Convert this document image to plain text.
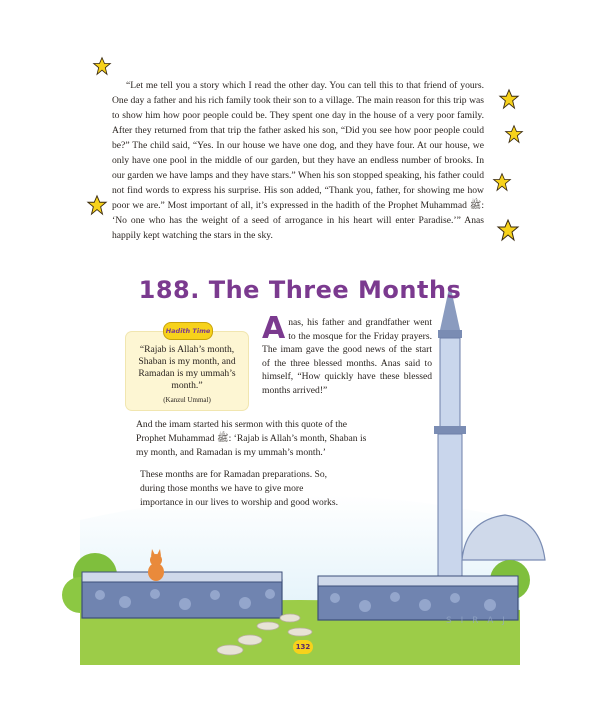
“Let me tell you a story which I read the other day. You can tell this to that friend of yours. One day a father and his rich family took their son to a village. The main reason for this trip was to show him how poor people could be. They spent one day in the house of a very poor family. After they returned from that trip the father asked his son, “Did you see how poor people could be?” The child said, “Yes. In our house we have one dog, and they have four. At our house, we only have one pool in the middle of our garden, but they have an endless number of brooks. In our garden we have lamps and they have stars.” When his son stopped speaking, his father could not find words to express his surprise. His son added, “Thank you, father, for showing me how poor we are.” Most important of all, it’s expressed in the hadith of the Prophet Muhammad ﷺ: ‘No one who has the weight of a seed of arrogance in his heart will enter Paradise.’” Anas happily kept watching the stars in the sky.

188. The Three Months
Hadith Time

“Rajab is Allah’s month, Shaban is my month, and Ramadan is my ummah’s month.”

(Kanzul Ummal)

Anas, his father and grandfather went to the mosque for the Friday prayers. The imam gave the good news of the start of the three blessed months. Anas said to himself, “How quickly have these blessed months arrived!”

And the imam started his sermon with this quote of the Prophet Muhammad ﷺ: ‘Rajab is Allah’s month, Shaban is my month, and Ramadan is my ummah’s month.’

These months are for Ramadan preparations. So, during those months we have to give more importance in our lives to worship and good works.

132
S I R A J
